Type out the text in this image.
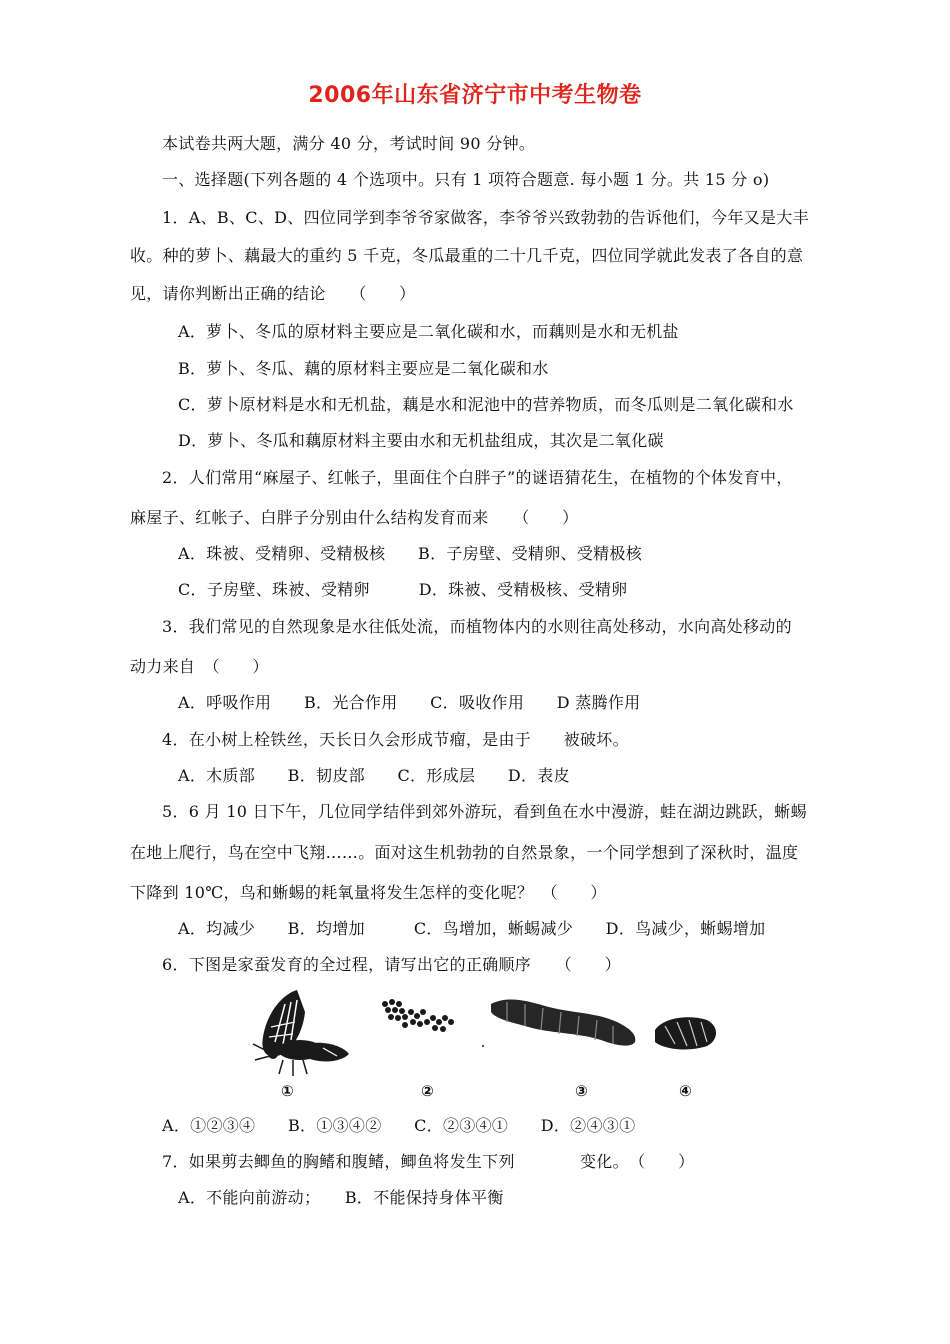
2006年山东省济宁市中考生物卷
本试卷共两大题，满分 40 分，考试时间 90 分钟。
一、选择题(下列各题的 4 个选项中。只有 1 项符合题意. 每小题 1 分。共 15 分 o)
1．A、B、C、D、四位同学到李爷爷家做客，李爷爷兴致勃勃的告诉他们，今年又是大丰
收。种的萝卜、藕最大的重约 5 千克，冬瓜最重的二十几千克，四位同学就此发表了各自的意
见，请你判断出正确的结论　　（　　）
A．萝卜、冬瓜的原材料主要应是二氧化碳和水，而藕则是水和无机盐
B．萝卜、冬瓜、藕的原材料主要应是二氧化碳和水
C．萝卜原材料是水和无机盐，藕是水和泥池中的营养物质，而冬瓜则是二氧化碳和水
D．萝卜、冬瓜和藕原材料主要由水和无机盐组成，其次是二氧化碳
2．人们常用“麻屋子、红帐子，里面住个白胖子”的谜语猜花生，在植物的个体发育中，
麻屋子、红帐子、白胖子分别由什么结构发育而来　　（　　）
A．珠被、受精卵、受精极核　　B．子房壁、受精卵、受精极核
C．子房壁、珠被、受精卵　　　D．珠被、受精极核、受精卵
3．我们常见的自然现象是水往低处流，而植物体内的水则往高处移动，水向高处移动的
动力来自　（　　）
A．呼吸作用　　B．光合作用　　C．吸收作用　　D 蒸腾作用
4．在小树上栓铁丝，天长日久会形成节瘤，是由于　　被破坏。
A．木质部　　B．韧皮部　　C．形成层　　D．表皮
5．6 月 10 日下午，几位同学结伴到郊外游玩，看到鱼在水中漫游，蛙在湖边跳跃，蜥蜴
在地上爬行，鸟在空中飞翔……。面对这生机勃勃的自然景象，一个同学想到了深秋时，温度
下降到 10℃，鸟和蜥蜴的耗氧量将发生怎样的变化呢？　（　　）
A．均减少　　B．均增加　　　C．鸟增加，蜥蜴减少　　D．鸟减少，蜥蜴增加
6．下图是家蚕发育的全过程，请写出它的正确顺序　　（　　）
①	②	③	④
A．①②③④　　B．①③④②　　C．②③④①　　D．②④③①
7．如果剪去鲫鱼的胸鳍和腹鳍，鲫鱼将发生下列　　　　变化。　（　　）
A．不能向前游动；　　B．不能保持身体平衡
